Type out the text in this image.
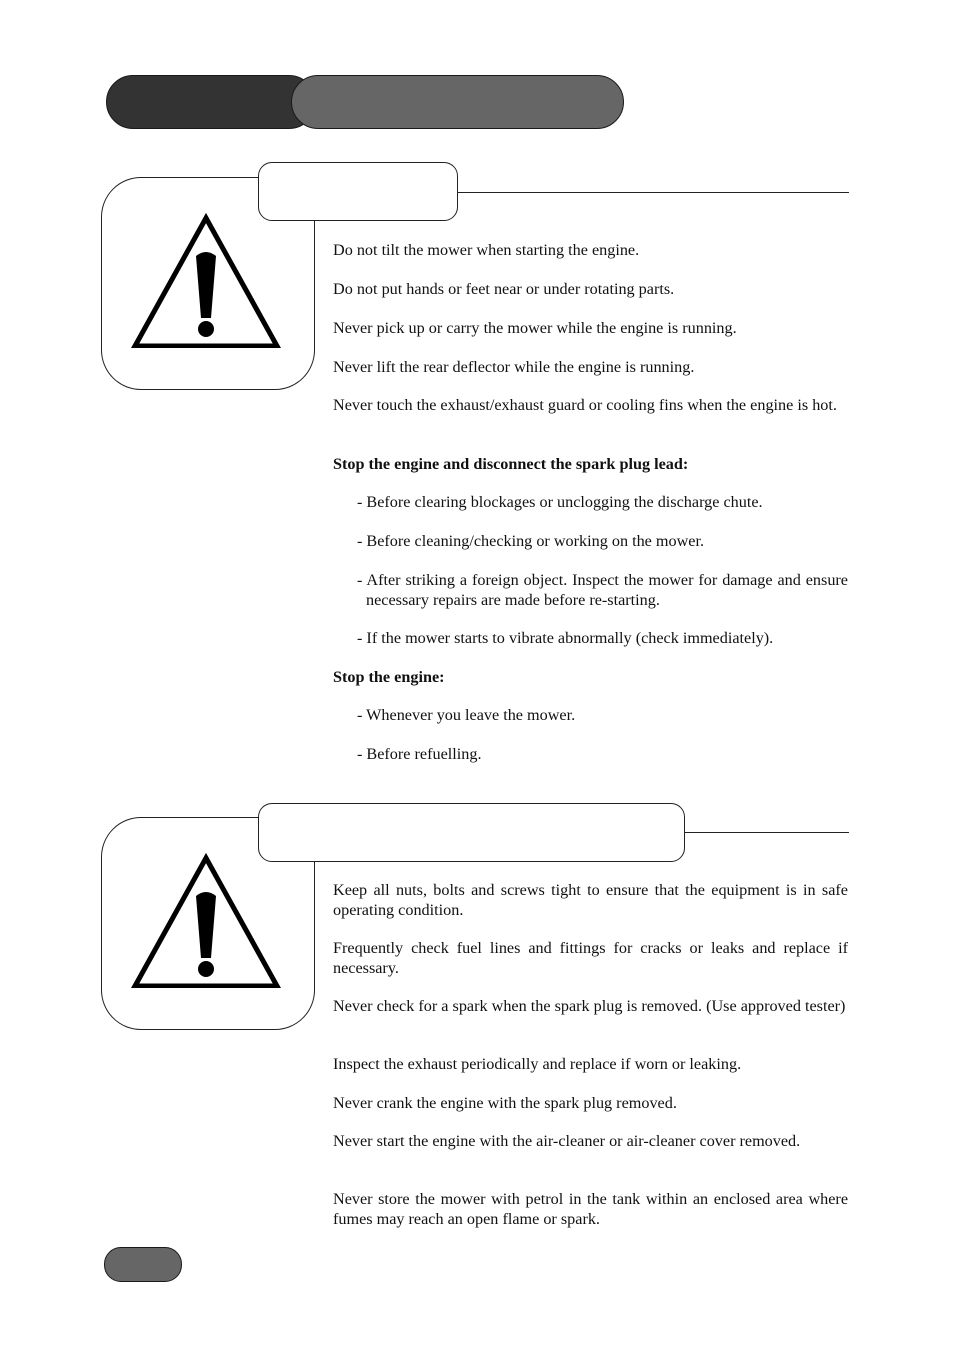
Do not tilt the mower when starting the engine.

Do not put hands or feet near or under rotating parts.

Never pick up or carry the mower while the engine is running.

Never lift the rear deflector while the engine is running.

Never touch the exhaust/exhaust guard or cooling fins when the engine is hot.

Stop the engine and disconnect the spark plug lead:

- Before clearing blockages or unclogging the discharge chute.

- Before cleaning/checking or working on the mower.

- After striking a foreign object. Inspect the mower for damage and ensure necessary repairs are made before re-starting.

- If the mower starts to vibrate abnormally (check immediately).

Stop the engine:

- Whenever you leave the mower.

- Before refuelling.

Keep all nuts, bolts and screws tight to ensure that the equipment is in safe operating condition.

Frequently check fuel lines and fittings for cracks or leaks and replace if necessary.

Never check for a spark when the spark plug is removed. (Use approved tester)

Inspect the exhaust periodically and replace if worn or leaking.

Never crank the engine with the spark plug removed.

Never start the engine with the air-cleaner or air-cleaner cover removed.

Never store the mower with petrol in the tank within an enclosed area where fumes may reach an open flame or spark.
